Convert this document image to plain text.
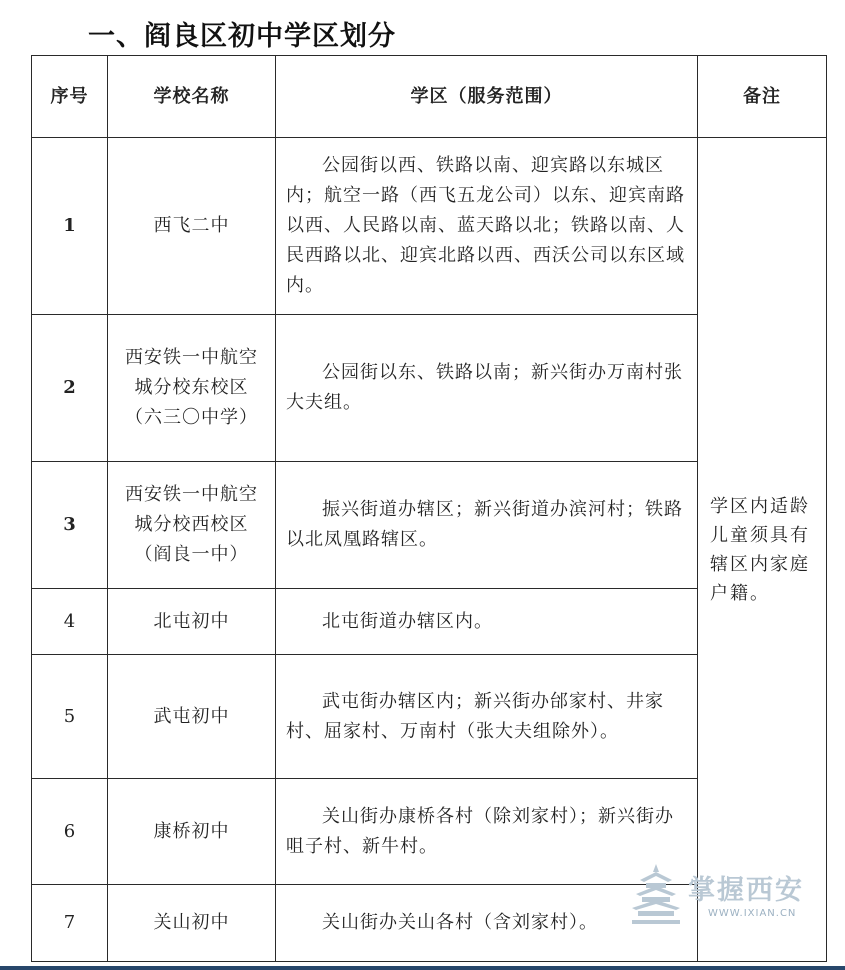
一、阎良区初中学区划分
序号	学校名称	学区（服务范围）	备注
1	西飞二中	公园街以西、铁路以南、迎宾路以东城区内；航空一路（西飞五龙公司）以东、迎宾南路以西、人民路以南、蓝天路以北；铁路以南、人民西路以北、迎宾北路以西、西沃公司以东区域内。	学区内适龄儿童须具有辖区内家庭户籍。

2	西安铁一中航空城分校东校区（六三〇中学）	公园街以东、铁路以南；新兴街办万南村张大夫组。	

3	西安铁一中航空城分校西校区（阎良一中）	振兴街道办辖区；新兴街道办滨河村；铁路以北凤凰路辖区。	

4	北屯初中	北屯街道办辖区内。	

5	武屯初中	武屯街办辖区内；新兴街办邰家村、井家村、屈家村、万南村（张大夫组除外）。	

6	康桥初中	关山街办康桥各村（除刘家村）；新兴街办咀子村、新牛村。	

7	关山初中	关山街办关山各村（含刘家村）。	
掌握西安
WWW.IXIAN.CN
